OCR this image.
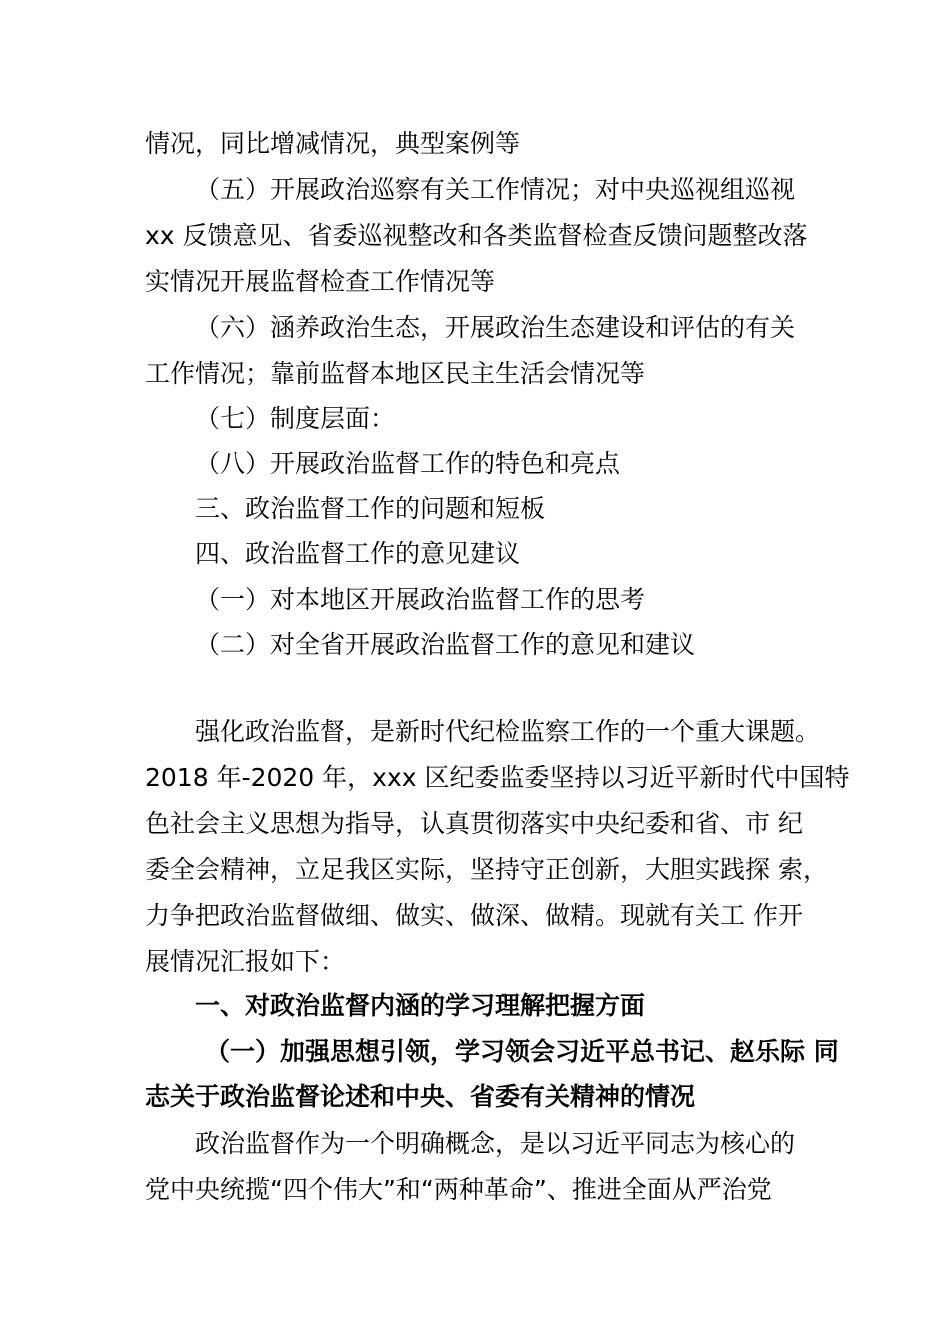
情况，同比增减情况，典型案例等
（五）开展政治巡察有关工作情况；对中央巡视组巡视
xx 反馈意见、省委巡视整改和各类监督检查反馈问题整改落
实情况开展监督检查工作情况等
（六）涵养政治生态，开展政治生态建设和评估的有关
工作情况；靠前监督本地区民主生活会情况等
（七）制度层面：
（八）开展政治监督工作的特色和亮点
三、政治监督工作的问题和短板
四、政治监督工作的意见建议
（一）对本地区开展政治监督工作的思考
（二）对全省开展政治监督工作的意见和建议
强化政治监督，是新时代纪检监察工作的一个重大课题。
2018 年-2020 年，xxx 区纪委监委坚持以习近平新时代中国特
色社会主义思想为指导，认真贯彻落实中央纪委和省、市 纪
委全会精神，立足我区实际，坚持守正创新，大胆实践探 索，
力争把政治监督做细、做实、做深、做精。现就有关工 作开
展情况汇报如下：
一、对政治监督内涵的学习理解把握方面
（一）加强思想引领，学习领会习近平总书记、赵乐际 同
志关于政治监督论述和中央、省委有关精神的情况
政治监督作为一个明确概念，是以习近平同志为核心的
党中央统揽“四个伟大”和“两种革命”、推进全面从严治党
